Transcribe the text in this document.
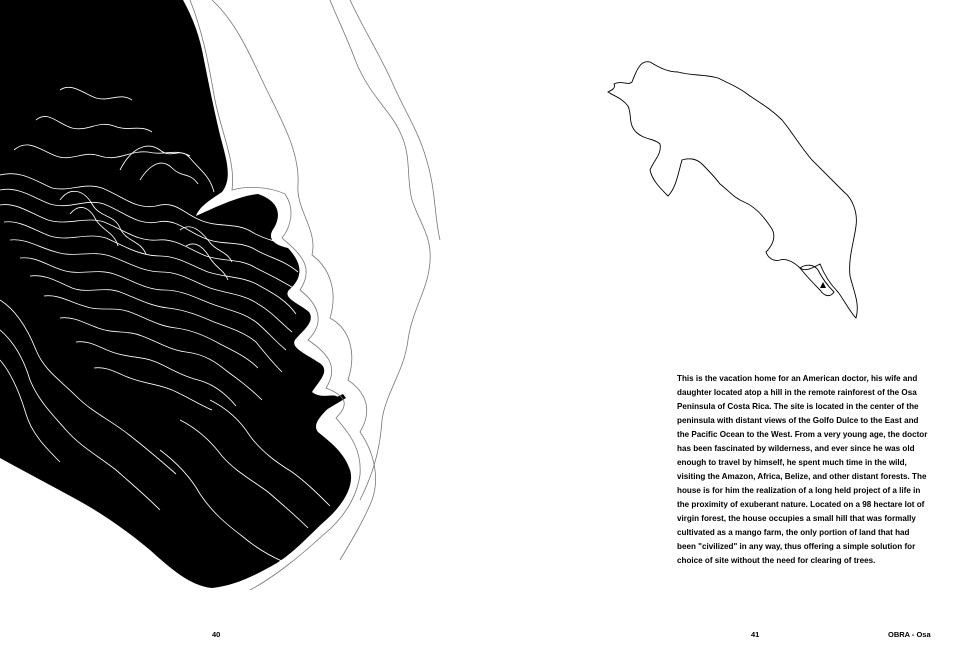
40

This is the vacation home for an American doctor, his wife and daughter located atop a hill in the remote rainforest of the Osa Peninsula of Costa Rica. The site is located in the center of the peninsula with distant views of the Golfo Dulce to the East and the Pacific Ocean to the West. From a very young age, the doctor has been fascinated by wilderness, and ever since he was old enough to travel by himself, he spent much time in the wild, visiting the Amazon, Africa, Belize, and other distant forests. The house is for him the realization of a long held project of a life in the proximity of exuberant nature. Located on a 98 hectare lot of virgin forest, the house occupies a small hill that was formally cultivated as a mango farm, the only portion of land that had been "civilized" in any way, thus offering a simple solution for choice of site without the need for clearing of trees.

41	OBRA - Osa
